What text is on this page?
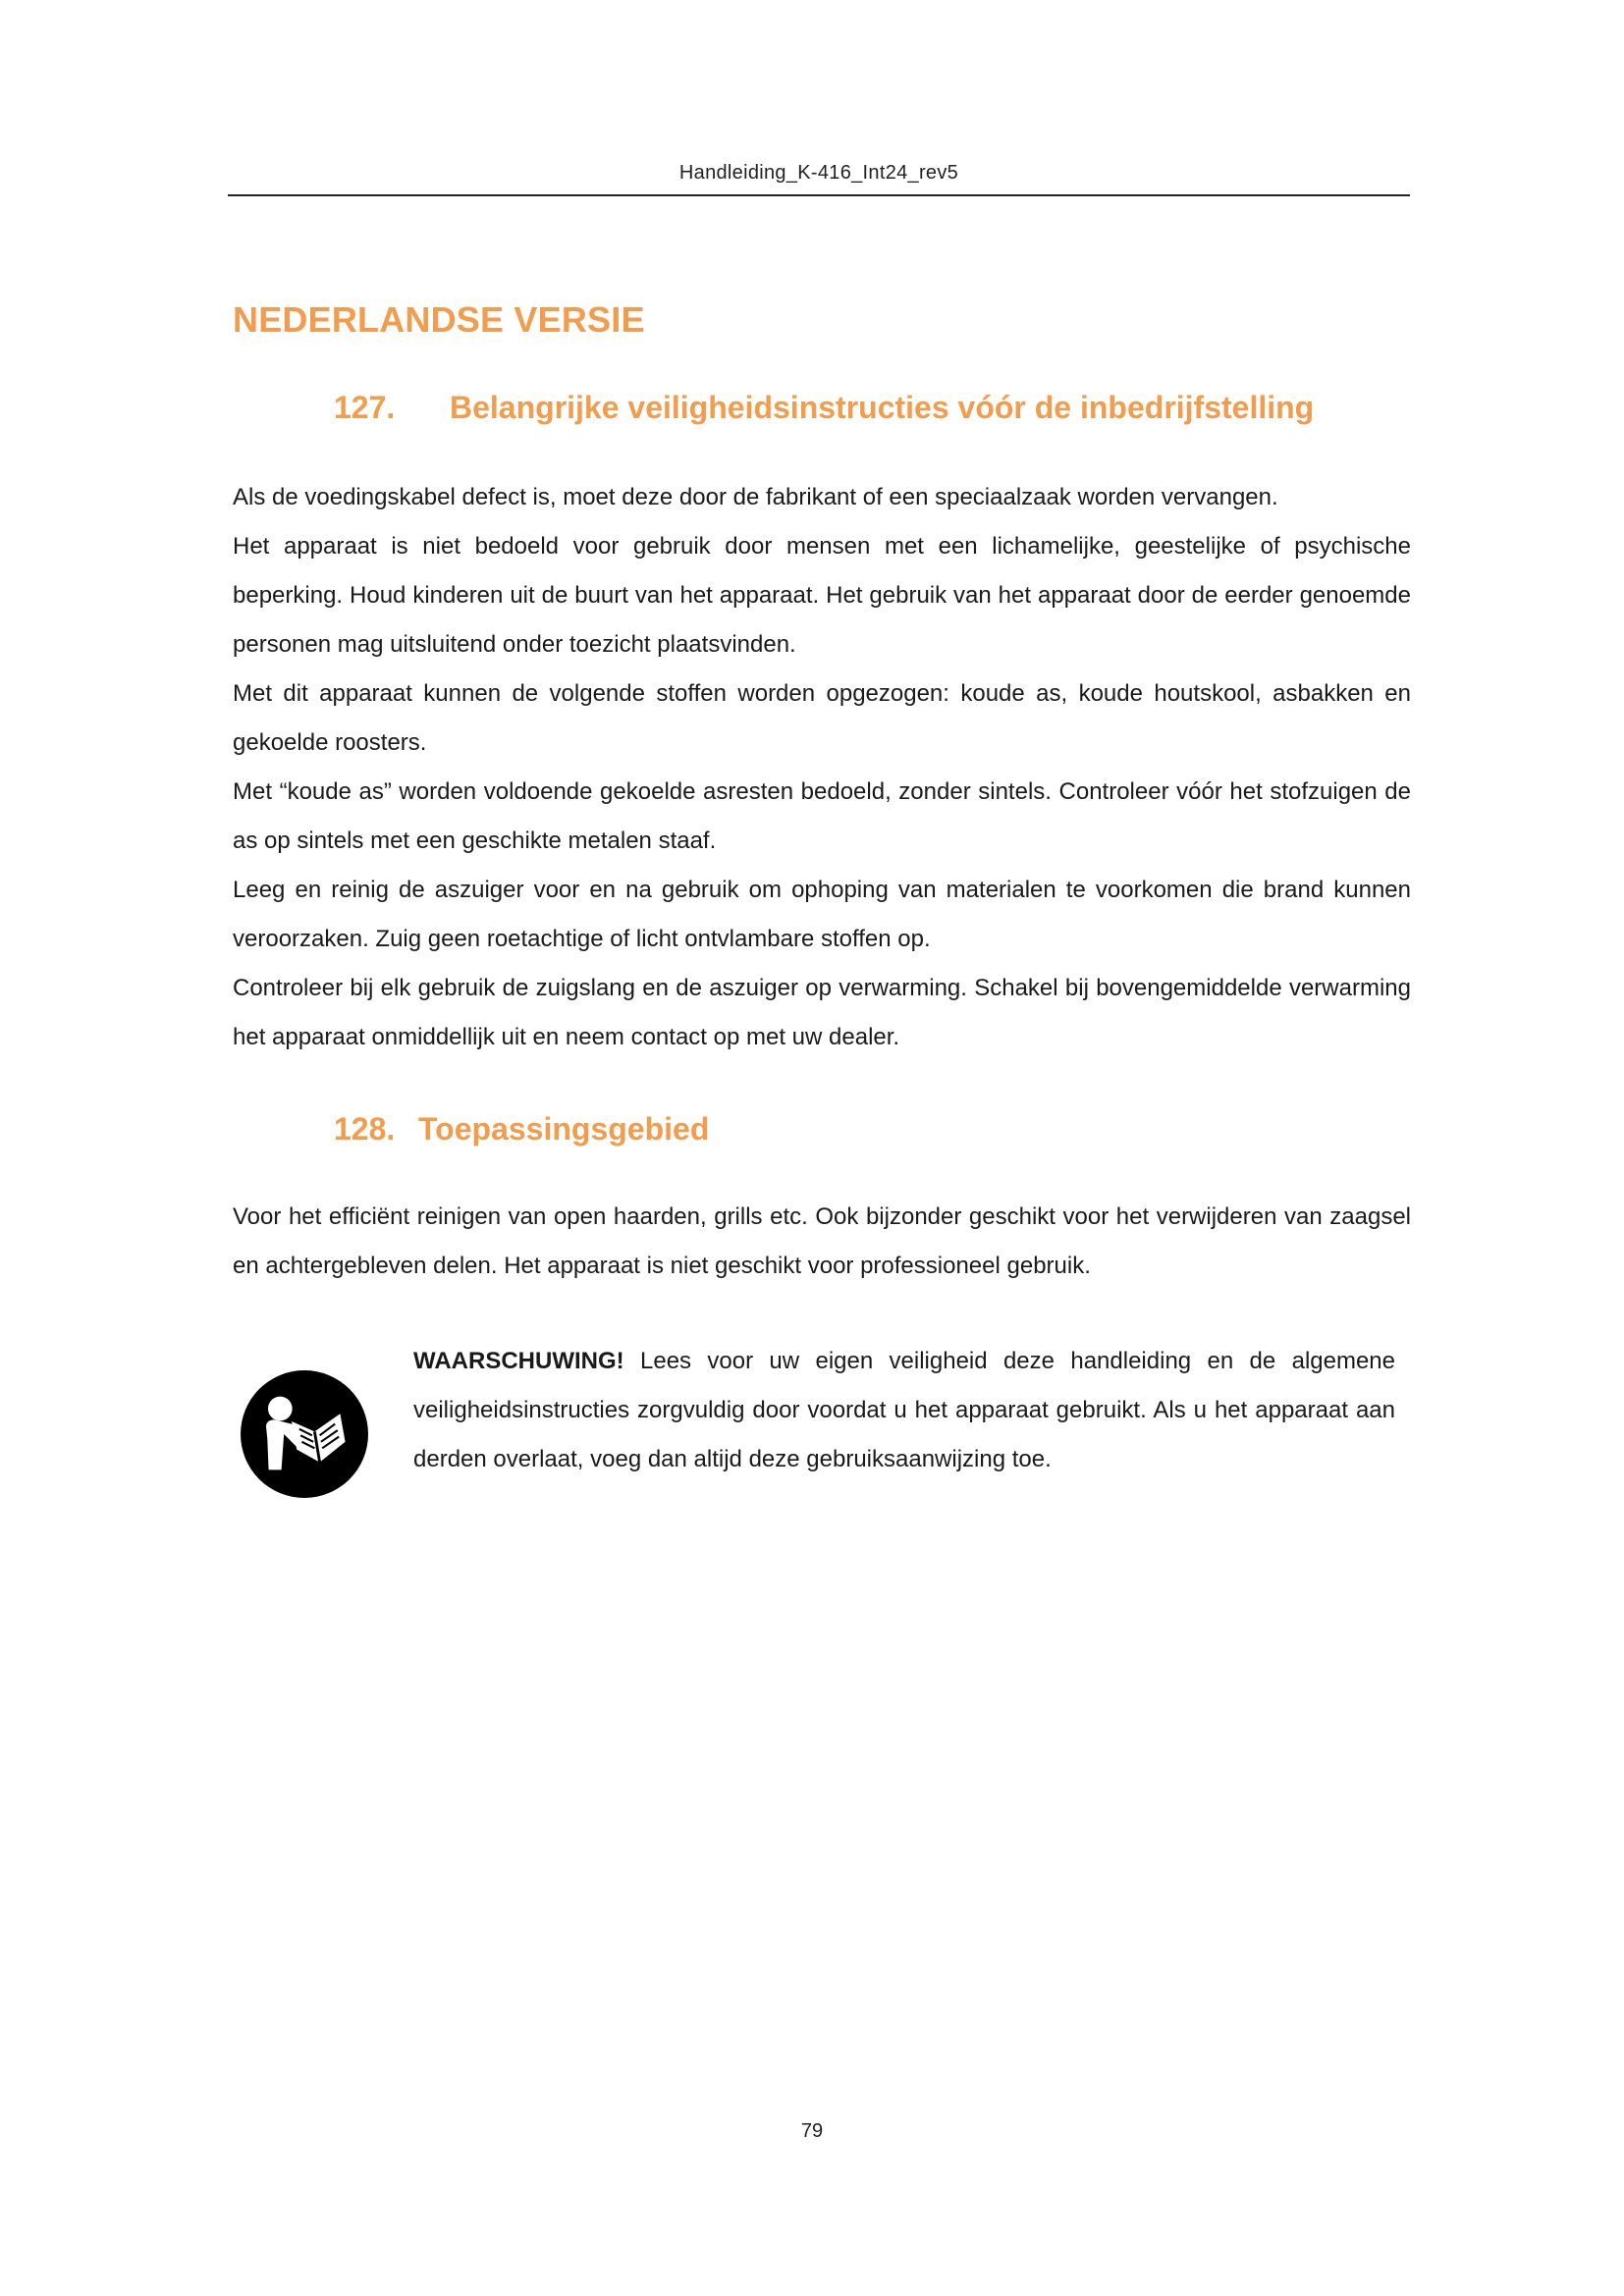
Handleiding_K-416_Int24_rev5
NEDERLANDSE VERSIE
127. Belangrijke veiligheidsinstructies vóór de inbedrijfstelling

Als de voedingskabel defect is, moet deze door de fabrikant of een speciaalzaak worden vervangen.

Het apparaat is niet bedoeld voor gebruik door mensen met een lichamelijke, geestelijke of psychische beperking. Houd kinderen uit de buurt van het apparaat. Het gebruik van het apparaat door de eerder genoemde personen mag uitsluitend onder toezicht plaatsvinden.

Met dit apparaat kunnen de volgende stoffen worden opgezogen: koude as, koude houtskool, asbakken en gekoelde roosters.

Met “koude as” worden voldoende gekoelde asresten bedoeld, zonder sintels. Controleer vóór het stofzuigen de as op sintels met een geschikte metalen staaf.

Leeg en reinig de aszuiger voor en na gebruik om ophoping van materialen te voorkomen die brand kunnen veroorzaken. Zuig geen roetachtige of licht ontvlambare stoffen op.

Controleer bij elk gebruik de zuigslang en de aszuiger op verwarming. Schakel bij bovengemiddelde verwarming het apparaat onmiddellijk uit en neem contact op met uw dealer.

128. Toepassingsgebied

Voor het efficiënt reinigen van open haarden, grills etc. Ook bijzonder geschikt voor het verwijderen van zaagsel en achtergebleven delen. Het apparaat is niet geschikt voor professioneel gebruik.

WAARSCHUWING! Lees voor uw eigen veiligheid deze handleiding en de algemene veiligheidsinstructies zorgvuldig door voordat u het apparaat gebruikt. Als u het apparaat aan derden overlaat, voeg dan altijd deze gebruiksaanwijzing toe.
79
